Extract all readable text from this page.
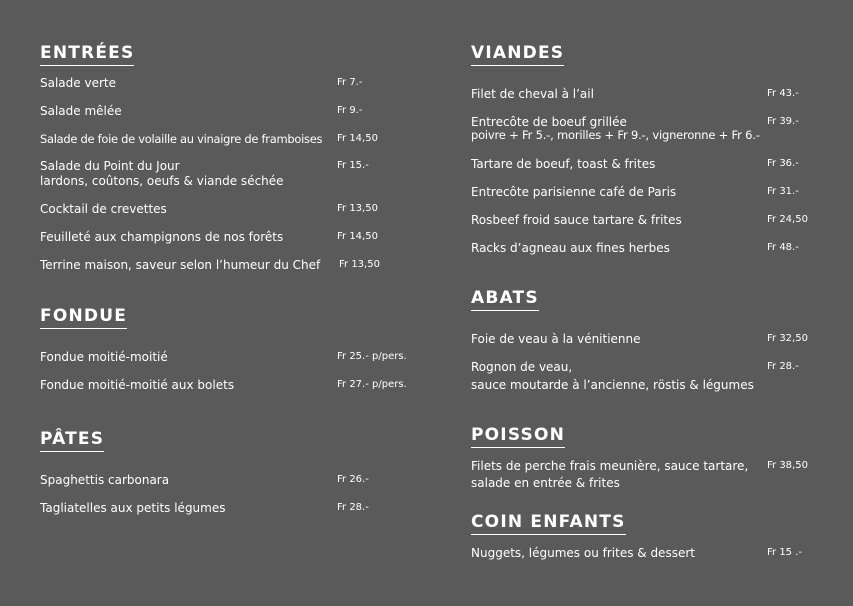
ENTRÉES
Salade verte	Fr 7.-
Salade mêlée	Fr 9.-
Salade de foie de volaille au vinaigre de framboises Fr 14,50
Salade du Point du Jour
lardons, coûtons, oeufs & viande séchée
Fr 15.-
Cocktail de crevettes	Fr 13,50
Feuilleté aux champignons de nos forêts	Fr 14,50
Terrine maison, saveur selon l’humeur du Chef Fr 13,50
FONDUE
Fondue moitié-moitié	Fr 25.- p/pers.
Fondue moitié-moitié aux bolets	Fr 27.- p/pers.
PÂTES
Spaghettis carbonara	Fr 26.-
Tagliatelles aux petits légumes	Fr 28.-
VIANDES
Filet de cheval à l’ail	Fr 43.-
Entrecôte de boeuf grillée
poivre + Fr 5.-, morilles + Fr 9.-, vigneronne + Fr 6.-
Fr 39.-
Tartare de boeuf, toast & frites	Fr 36.-
Entrecôte parisienne café de Paris	Fr 31.-
Rosbeef froid sauce tartare & frites	Fr 24,50
Racks d’agneau aux fines herbes	Fr 48.-
ABATS
Foie de veau à la vénitienne	Fr 32,50
Rognon de veau,
sauce moutarde à l’ancienne, röstis & légumes
Fr 28.-
POISSON
Filets de perche frais meunière, sauce tartare,
salade en entrée & frites
Fr 38,50
COIN ENFANTS
Nuggets, légumes ou frites & dessert	Fr 15 .-
